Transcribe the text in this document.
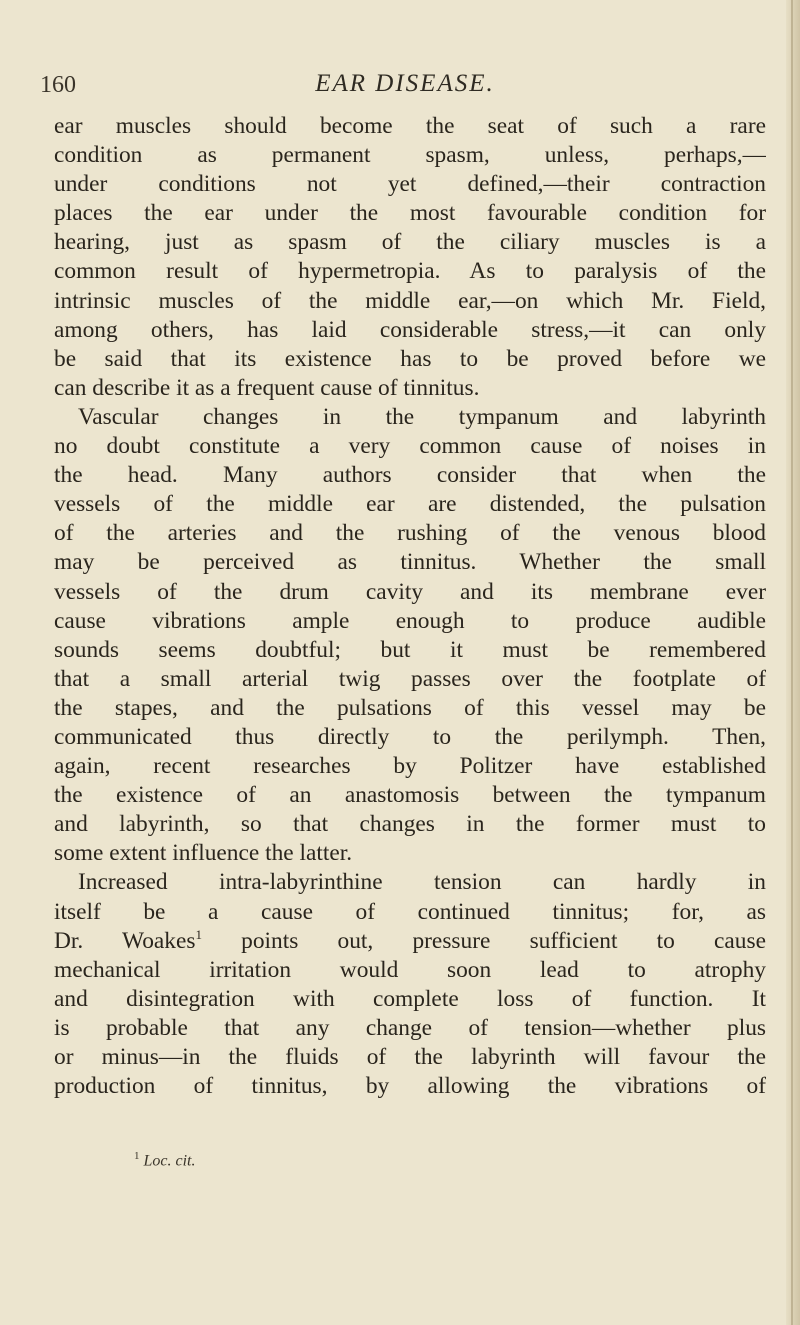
160	EAR DISEASE.
ear muscles should become the seat of such a rare
condition as permanent spasm, unless, perhaps,—
under conditions not yet defined,—their contraction
places the ear under the most favourable condition for
hearing, just as spasm of the ciliary muscles is a
common result of hypermetropia. As to paralysis of the
intrinsic muscles of the middle ear,—on which Mr. Field,
among others, has laid considerable stress,—it can only
be said that its existence has to be proved before we
can describe it as a frequent cause of tinnitus.
Vascular changes in the tympanum and labyrinth
no doubt constitute a very common cause of noises in
the head. Many authors consider that when the
vessels of the middle ear are distended, the pulsation
of the arteries and the rushing of the venous blood
may be perceived as tinnitus. Whether the small
vessels of the drum cavity and its membrane ever
cause vibrations ample enough to produce audible
sounds seems doubtful; but it must be remembered
that a small arterial twig passes over the footplate of
the stapes, and the pulsations of this vessel may be
communicated thus directly to the perilymph. Then,
again, recent researches by Politzer have established
the existence of an anastomosis between the tympanum
and labyrinth, so that changes in the former must to
some extent influence the latter.
Increased intra-labyrinthine tension can hardly in
itself be a cause of continued tinnitus; for, as
Dr. Woakes$^1$ points out, pressure sufficient to cause
mechanical irritation would soon lead to atrophy
and disintegration with complete loss of function. It
is probable that any change of tension—whether plus
or minus—in the fluids of the labyrinth will favour the
production of tinnitus, by allowing the vibrations of
$^1$ Loc. cit.
